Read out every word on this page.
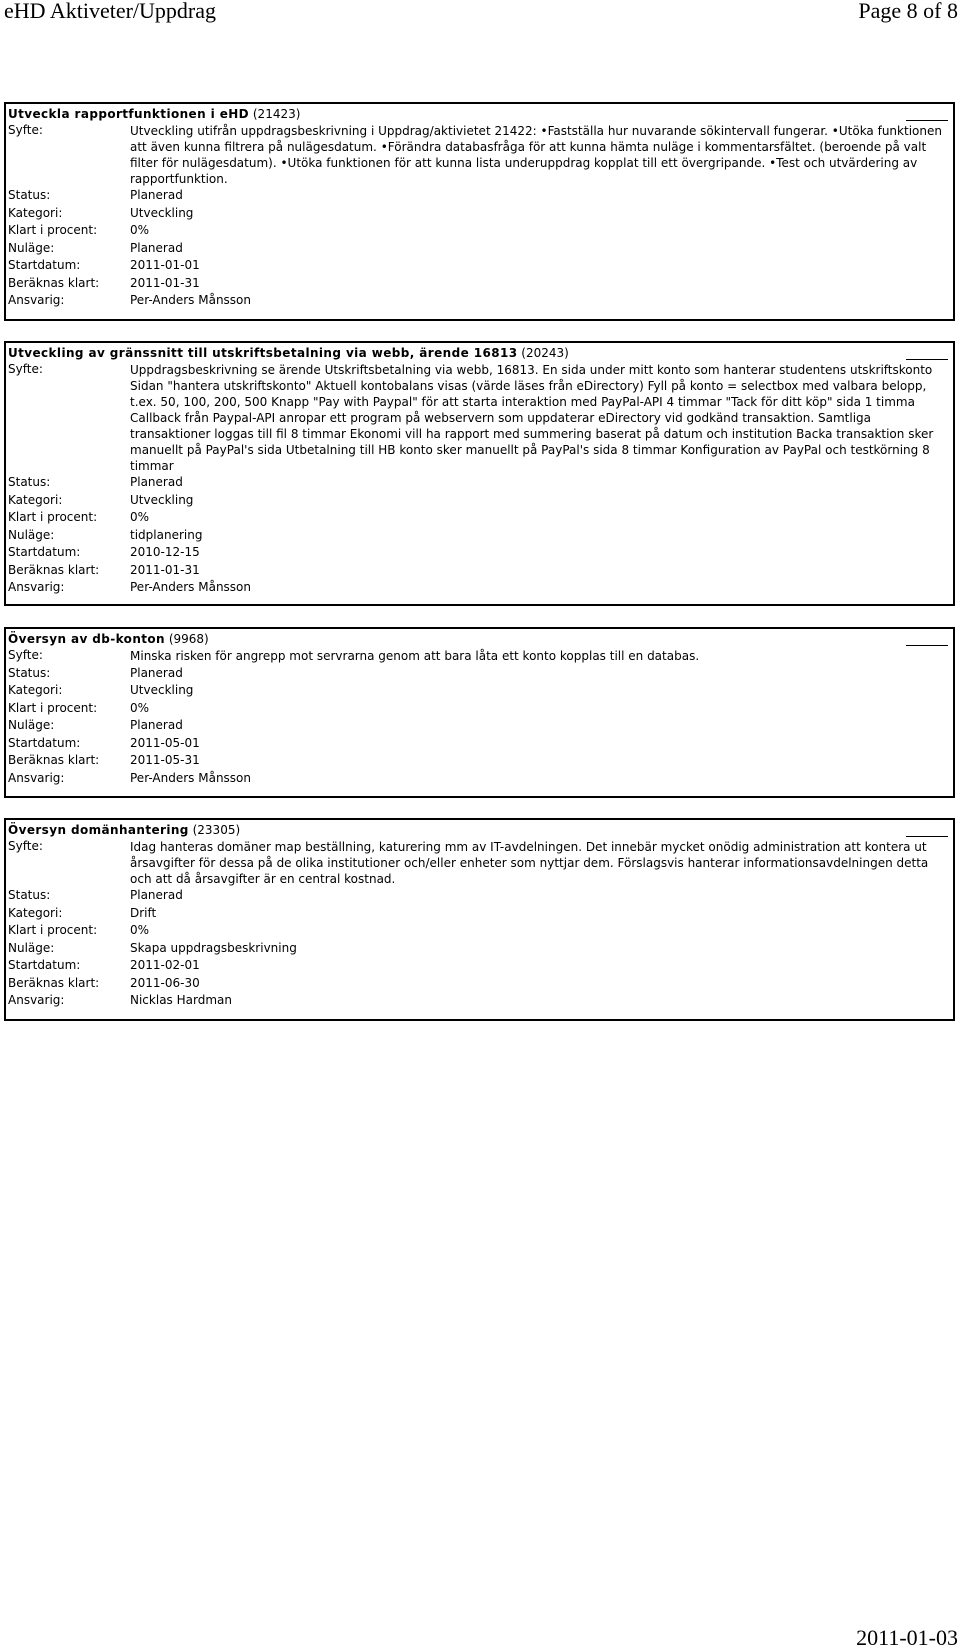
eHD Aktiveter/Uppdrag	Page 8 of 8
Utveckla rapportfunktionen i eHD (21423)
Syfte:	Utveckling utifrån uppdragsbeskrivning i Uppdrag/aktivietet 21422: •Fastställa hur nuvarande sökintervall fungerar. •Utöka funktionen att även kunna filtrera på nulägesdatum. •Förändra databasfråga för att kunna hämta nuläge i kommentarsfältet. (beroende på valt filter för nulägesdatum). •Utöka funktionen för att kunna lista underuppdrag kopplat till ett övergripande. •Test och utvärdering av rapportfunktion.
Status:	Planerad
Kategori:	Utveckling
Klart i procent:	0%
Nuläge:	Planerad
Startdatum:	2011-01-01
Beräknas klart:	2011-01-31
Ansvarig:	Per-Anders Månsson
Utveckling av gränssnitt till utskriftsbetalning via webb, ärende 16813 (20243)
Syfte:	Uppdragsbeskrivning se ärende Utskriftsbetalning via webb, 16813. En sida under mitt konto som hanterar studentens utskriftskonto Sidan "hantera utskriftskonto" Aktuell kontobalans visas (värde läses från eDirectory) Fyll på konto = selectbox med valbara belopp, t.ex. 50, 100, 200, 500 Knapp "Pay with Paypal" för att starta interaktion med PayPal-API 4 timmar "Tack för ditt köp" sida 1 timma Callback från Paypal-API anropar ett program på webservern som uppdaterar eDirectory vid godkänd transaktion. Samtliga transaktioner loggas till fil 8 timmar Ekonomi vill ha rapport med summering baserat på datum och institution Backa transaktion sker manuellt på PayPal's sida Utbetalning till HB konto sker manuellt på PayPal's sida 8 timmar Konfiguration av PayPal och testkörning 8 timmar
Status:	Planerad
Kategori:	Utveckling
Klart i procent:	0%
Nuläge:	tidplanering
Startdatum:	2010-12-15
Beräknas klart:	2011-01-31
Ansvarig:	Per-Anders Månsson
Översyn av db-konton (9968)
Syfte:	Minska risken för angrepp mot servrarna genom att bara låta ett konto kopplas till en databas.
Status:	Planerad
Kategori:	Utveckling
Klart i procent:	0%
Nuläge:	Planerad
Startdatum:	2011-05-01
Beräknas klart:	2011-05-31
Ansvarig:	Per-Anders Månsson
Översyn domänhantering (23305)
Syfte:	Idag hanteras domäner map beställning, katurering mm av IT-avdelningen. Det innebär mycket onödig administration att kontera ut årsavgifter för dessa på de olika institutioner och/eller enheter som nyttjar dem. Förslagsvis hanterar informationsavdelningen detta och att då årsavgifter är en central kostnad.
Status:	Planerad
Kategori:	Drift
Klart i procent:	0%
Nuläge:	Skapa uppdragsbeskrivning
Startdatum:	2011-02-01
Beräknas klart:	2011-06-30
Ansvarig:	Nicklas Hardman
2011-01-03
